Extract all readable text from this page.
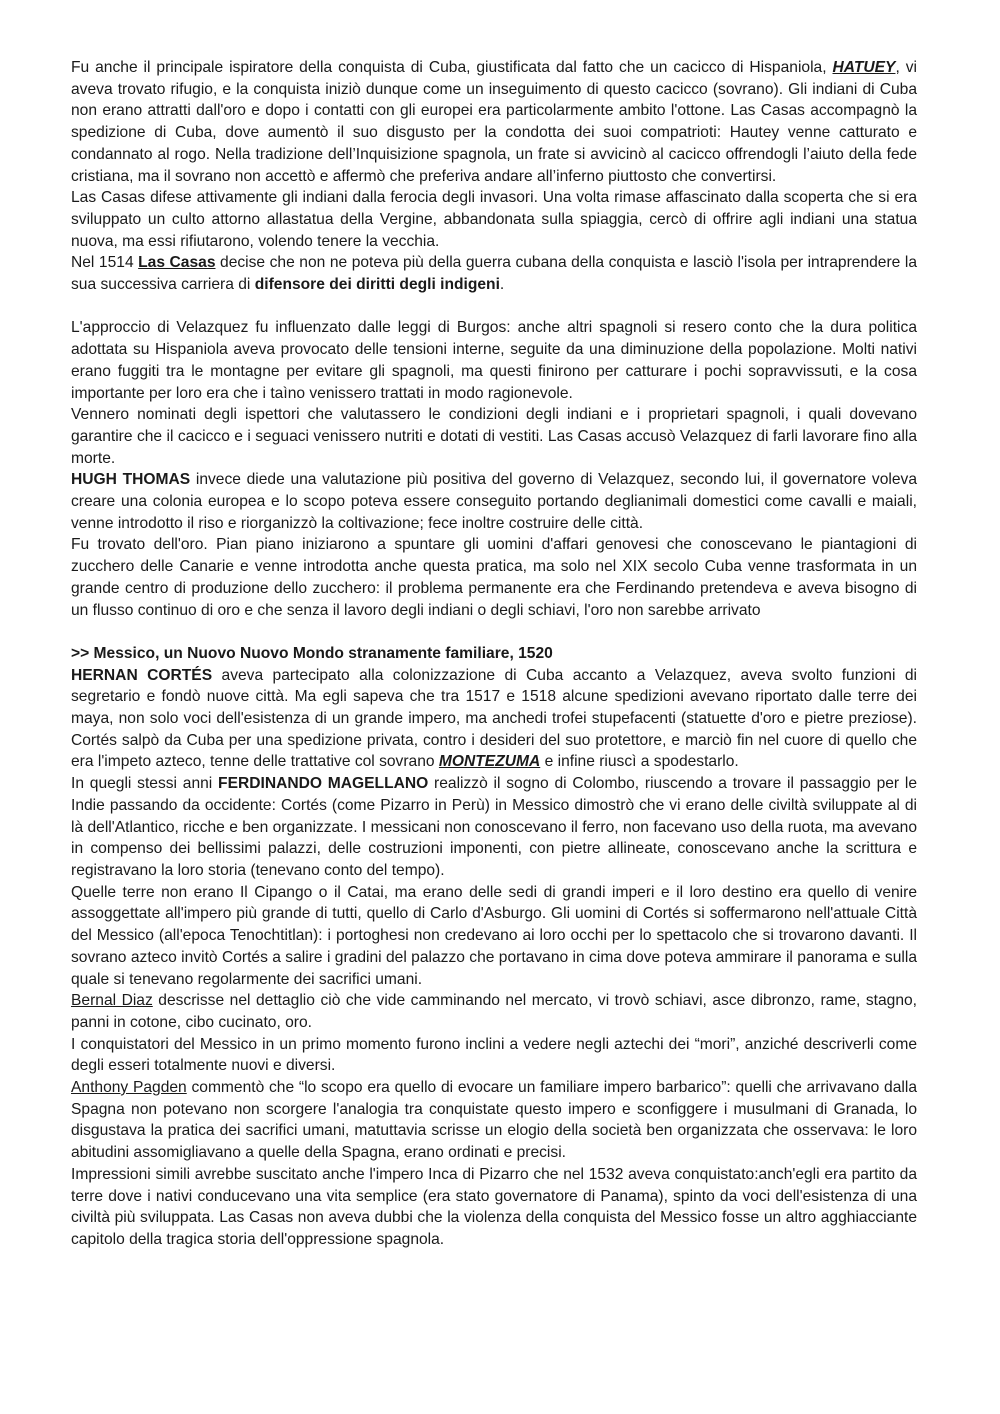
Fu anche il principale ispiratore della conquista di Cuba, giustificata dal fatto che un cacicco di Hispaniola, HATUEY, vi aveva trovato rifugio, e la conquista iniziò dunque come un inseguimento di questo cacicco (sovrano). Gli indiani di Cuba non erano attratti dall'oro e dopo i contatti con gli europei era particolarmente ambito l'ottone. Las Casas accompagnò la spedizione di Cuba, dove aumentò il suo disgusto per la condotta dei suoi compatrioti: Hautey venne catturato e condannato al rogo. Nella tradizione dell’Inquisizione spagnola, un frate si avvicinò al cacicco offrendogli l’aiuto della fede cristiana, ma il sovrano non accettò e affermò che preferiva andare all’inferno piuttosto che convertirsi.

Las Casas difese attivamente gli indiani dalla ferocia degli invasori. Una volta rimase affascinato dalla scoperta che si era sviluppato un culto attorno allastatua della Vergine, abbandonata sulla spiaggia, cercò di offrire agli indiani una statua nuova, ma essi rifiutarono, volendo tenere la vecchia.

Nel 1514 Las Casas decise che non ne poteva più della guerra cubana della conquista e lasciò l'isola per intraprendere la sua successiva carriera di difensore dei diritti degli indigeni.

L'approccio di Velazquez fu influenzato dalle leggi di Burgos: anche altri spagnoli si resero conto che la dura politica adottata su Hispaniola aveva provocato delle tensioni interne, seguite da una diminuzione della popolazione. Molti nativi erano fuggiti tra le montagne per evitare gli spagnoli, ma questi finirono per catturare i pochi sopravvissuti, e la cosa importante per loro era che i taìno venissero trattati in modo ragionevole.

Vennero nominati degli ispettori che valutassero le condizioni degli indiani e i proprietari spagnoli, i quali dovevano garantire che il cacicco e i seguaci venissero nutriti e dotati di vestiti. Las Casas accusò Velazquez di farli lavorare fino alla morte.

HUGH THOMAS invece diede una valutazione più positiva del governo di Velazquez, secondo lui, il governatore voleva creare una colonia europea e lo scopo poteva essere conseguito portando deglianimali domestici come cavalli e maiali, venne introdotto il riso e riorganizzò la coltivazione; fece inoltre costruire delle città.

Fu trovato dell'oro. Pian piano iniziarono a spuntare gli uomini d'affari genovesi che conoscevano le piantagioni di zucchero delle Canarie e venne introdotta anche questa pratica, ma solo nel XIX secolo Cuba venne trasformata in un grande centro di produzione dello zucchero: il problema permanente era che Ferdinando pretendeva e aveva bisogno di un flusso continuo di oro e che senza il lavoro degli indiani o degli schiavi, l'oro non sarebbe arrivato

>> Messico, un Nuovo Nuovo Mondo stranamente familiare, 1520

HERNAN CORTÉS aveva partecipato alla colonizzazione di Cuba accanto a Velazquez, aveva svolto funzioni di segretario e fondò nuove città. Ma egli sapeva che tra 1517 e 1518 alcune spedizioni avevano riportato dalle terre dei maya, non solo voci dell'esistenza di un grande impero, ma anchedi trofei stupefacenti (statuette d'oro e pietre preziose). Cortés salpò da Cuba per una spedizione privata, contro i desideri del suo protettore, e marciò fin nel cuore di quello che era l'impeto azteco, tenne delle trattative col sovrano MONTEZUMA e infine riuscì a spodestarlo.

In quegli stessi anni FERDINANDO MAGELLANO realizzò il sogno di Colombo, riuscendo a trovare il passaggio per le Indie passando da occidente: Cortés (come Pizarro in Perù) in Messico dimostrò che vi erano delle civiltà sviluppate al di là dell'Atlantico, ricche e ben organizzate. I messicani non conoscevano il ferro, non facevano uso della ruota, ma avevano in compenso dei bellissimi palazzi, delle costruzioni imponenti, con pietre allineate, conoscevano anche la scrittura e registravano la loro storia (tenevano conto del tempo).

Quelle terre non erano Il Cipango o il Catai, ma erano delle sedi di grandi imperi e il loro destino era quello di venire assoggettate all'impero più grande di tutti, quello di Carlo d'Asburgo. Gli uomini di Cortés si soffermarono nell'attuale Città del Messico (all'epoca Tenochtitlan): i portoghesi non credevano ai loro occhi per lo spettacolo che si trovarono davanti. Il sovrano azteco invitò Cortés a salire i gradini del palazzo che portavano in cima dove poteva ammirare il panorama e sulla quale si tenevano regolarmente dei sacrifici umani.

Bernal Diaz descrisse nel dettaglio ciò che vide camminando nel mercato, vi trovò schiavi, asce dibronzo, rame, stagno, panni in cotone, cibo cucinato, oro.

I conquistatori del Messico in un primo momento furono inclini a vedere negli aztechi dei “mori”, anziché descriverli come degli esseri totalmente nuovi e diversi.

Anthony Pagden commentò che “lo scopo era quello di evocare un familiare impero barbarico”: quelli che arrivavano dalla Spagna non potevano non scorgere l'analogia tra conquistate questo impero e sconfiggere i musulmani di Granada, lo disgustava la pratica dei sacrifici umani, matuttavia scrisse un elogio della società ben organizzata che osservava: le loro abitudini assomigliavano a quelle della Spagna, erano ordinati e precisi.

Impressioni simili avrebbe suscitato anche l'impero Inca di Pizarro che nel 1532 aveva conquistato:anch'egli era partito da terre dove i nativi conducevano una vita semplice (era stato governatore di Panama), spinto da voci dell'esistenza di una civiltà più sviluppata. Las Casas non aveva dubbi che la violenza della conquista del Messico fosse un altro agghiacciante capitolo della tragica storia dell'oppressione spagnola.
